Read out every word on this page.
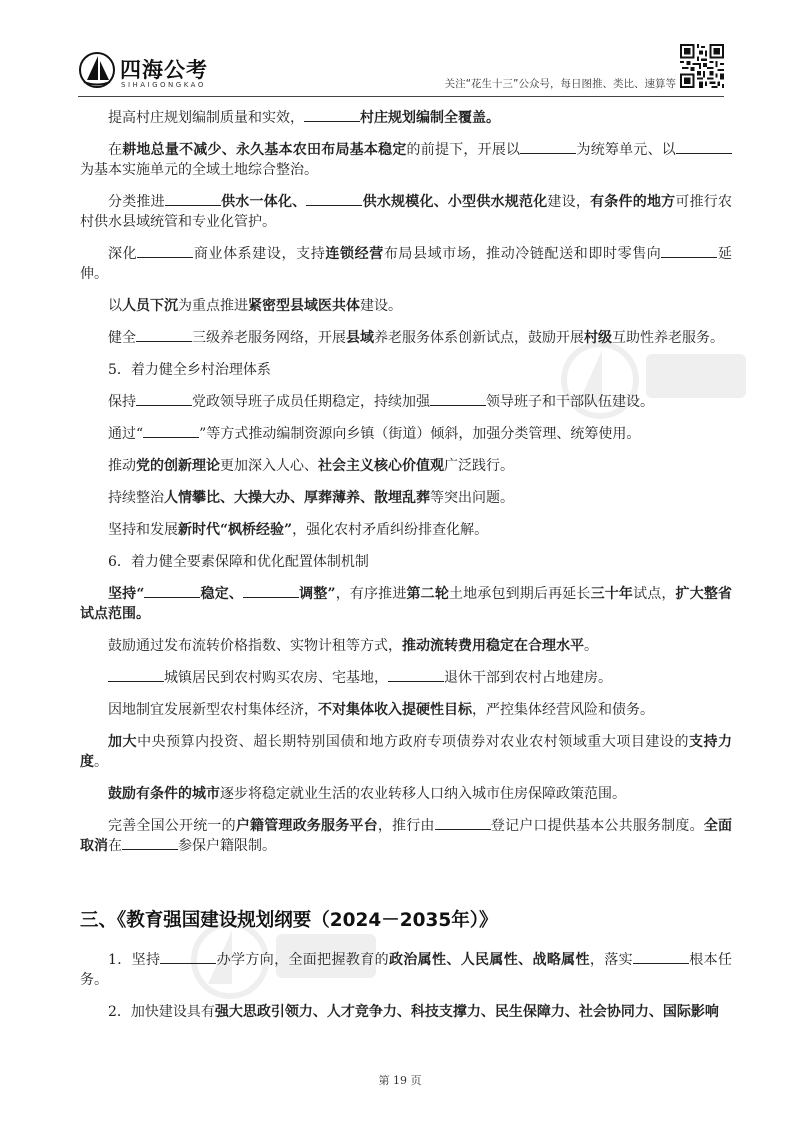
四海公考
SIHAIGONGKAO	关注“花生十三”公众号，每日图推、类比、速算等

提高村庄规划编制质量和实效，	村庄规划编制全覆盖。

在耕地总量不减少、永久基本农田布局基本稳定的前提下，开展以	为统筹单元、以为基本实施单元的全域土地综合整治。

分类推进	供水一体化、	供水规模化、小型供水规范化建设，有条件的地方可推行农村供水县域统管和专业化管护。

深化	商业体系建设，支持连锁经营布局县域市场，推动冷链配送和即时零售向	延伸。

以人员下沉为重点推进紧密型县域医共体建设。

健全	三级养老服务网络，开展县域养老服务体系创新试点，鼓励开展村级互助性养老服务。

5．着力健全乡村治理体系

保持	党政领导班子成员任期稳定，持续加强	领导班子和干部队伍建设。

通过“	”等方式推动编制资源向乡镇（街道）倾斜，加强分类管理、统筹使用。

推动党的创新理论更加深入人心、社会主义核心价值观广泛践行。

持续整治人情攀比、大操大办、厚葬薄养、散埋乱葬等突出问题。

坚持和发展新时代“枫桥经验”，强化农村矛盾纠纷排查化解。

6．着力健全要素保障和优化配置体制机制

坚持“	稳定、	调整”，有序推进第二轮土地承包到期后再延长三十年试点，扩大整省试点范围。

鼓励通过发布流转价格指数、实物计租等方式，推动流转费用稳定在合理水平。

城镇居民到农村购买农房、宅基地，	退休干部到农村占地建房。

因地制宜发展新型农村集体经济，不对集体收入提硬性目标，严控集体经营风险和债务。

加大中央预算内投资、超长期特别国债和地方政府专项债券对农业农村领域重大项目建设的支持力度。

鼓励有条件的城市逐步将稳定就业生活的农业转移人口纳入城市住房保障政策范围。

完善全国公开统一的户籍管理政务服务平台，推行由	登记户口提供基本公共服务制度。全面取消在	参保户籍限制。

三、《教育强国建设规划纲要（2024－2035年）》

1．坚持	办学方向，全面把握教育的政治属性、人民属性、战略属性，落实	根本任务。

2．加快建设具有强大思政引领力、人才竞争力、科技支撑力、民生保障力、社会协同力、国际影响

第 19 页
